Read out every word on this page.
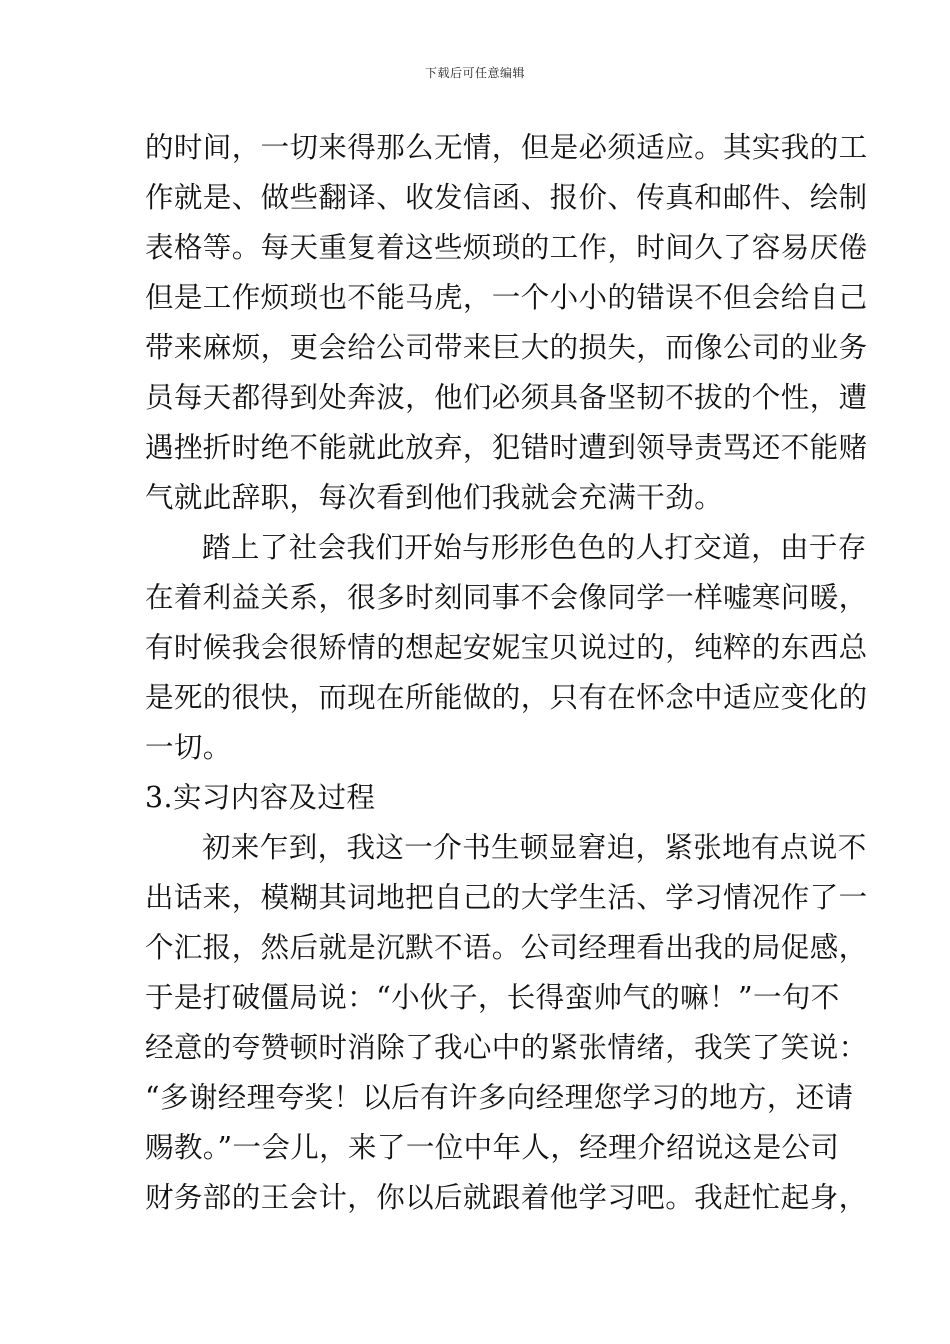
下载后可任意编辑
的时间，一切来得那么无情，但是必须适应。其实我的工
作就是、做些翻译、收发信函、报价、传真和邮件、绘制
表格等。每天重复着这些烦琐的工作，时间久了容易厌倦
但是工作烦琐也不能马虎，一个小小的错误不但会给自己
带来麻烦，更会给公司带来巨大的损失，而像公司的业务
员每天都得到处奔波，他们必须具备坚韧不拔的个性，遭
遇挫折时绝不能就此放弃，犯错时遭到领导责骂还不能赌
气就此辞职，每次看到他们我就会充满干劲。
踏上了社会我们开始与形形色色的人打交道，由于存
在着利益关系，很多时刻同事不会像同学一样嘘寒问暖，
有时候我会很矫情的想起安妮宝贝说过的，纯粹的东西总
是死的很快，而现在所能做的，只有在怀念中适应变化的
一切。
3.实习内容及过程
初来乍到，我这一介书生顿显窘迫，紧张地有点说不
出话来，模糊其词地把自己的大学生活、学习情况作了一
个汇报，然后就是沉默不语。公司经理看出我的局促感，
于是打破僵局说：“小伙子，长得蛮帅气的嘛！”一句不
经意的夸赞顿时消除了我心中的紧张情绪，我笑了笑说：
“多谢经理夸奖！以后有许多向经理您学习的地方，还请
赐教。”一会儿，来了一位中年人，经理介绍说这是公司
财务部的王会计，你以后就跟着他学习吧。我赶忙起身，
